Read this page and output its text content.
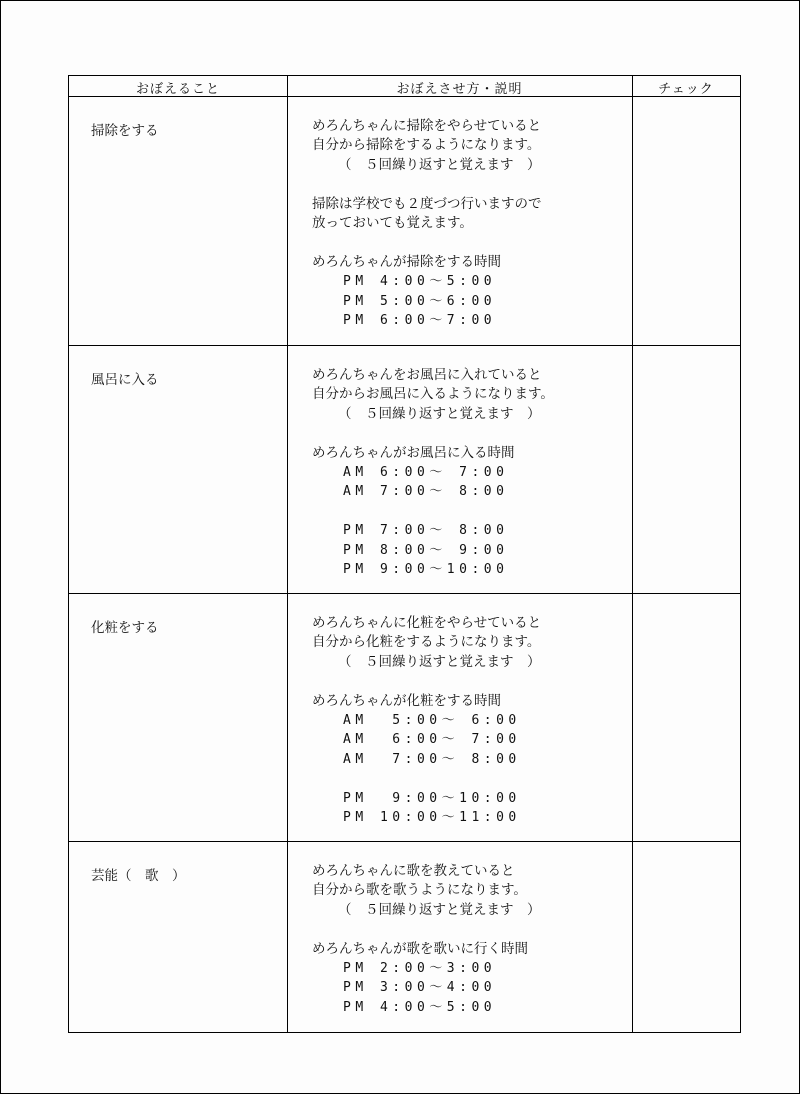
おぼえること	おぼえさせ方・説明	チェック
掃除をする	めろんちゃんに掃除をやらせていると
自分から掃除をするようになります。
（　５回繰り返すと覚えます　）
掃除は学校でも２度づつ行いますので
放っておいても覚えます。
めろんちゃんが掃除をする時間
PM 4:00～5:00
PM 5:00～6:00
PM 6:00～7:00
風呂に入る	めろんちゃんをお風呂に入れていると
自分からお風呂に入るようになります。
（　５回繰り返すと覚えます　）
めろんちゃんがお風呂に入る時間
AM 6:00～ 7:00
AM 7:00～ 8:00
PM 7:00～ 8:00
PM 8:00～ 9:00
PM 9:00～10:00
化粧をする	めろんちゃんに化粧をやらせていると
自分から化粧をするようになります。
（　５回繰り返すと覚えます　）
めろんちゃんが化粧をする時間
AM  5:00～ 6:00
AM  6:00～ 7:00
AM  7:00～ 8:00
PM  9:00～10:00
PM 10:00～11:00
芸能（　歌　）	めろんちゃんに歌を教えていると
自分から歌を歌うようになります。
（　５回繰り返すと覚えます　）
めろんちゃんが歌を歌いに行く時間
PM 2:00～3:00
PM 3:00～4:00
PM 4:00～5:00
